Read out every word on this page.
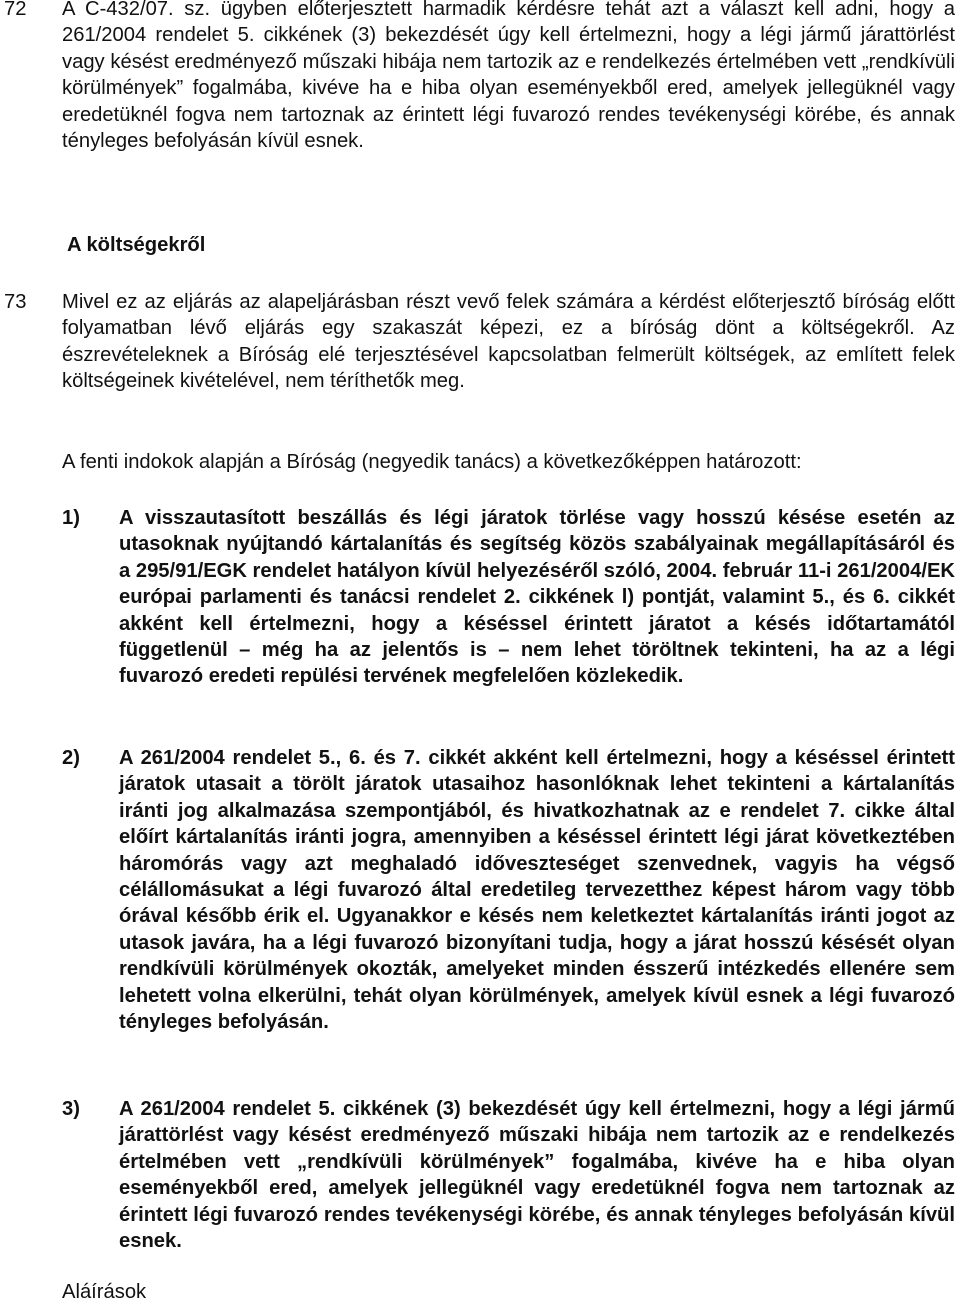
72 A C-432/07. sz. ügyben előterjesztett harmadik kérdésre tehát azt a választ kell adni, hogy a 261/2004 rendelet 5. cikkének (3) bekezdését úgy kell értelmezni, hogy a légi jármű járattörlést vagy késést eredményező műszaki hibája nem tartozik az e rendelkezés értelmében vett „rendkívüli körülmények” fogalmába, kivéve ha e hiba olyan eseményekből ered, amelyek jellegüknél vagy eredetüknél fogva nem tartoznak az érintett légi fuvarozó rendes tevékenységi körébe, és annak tényleges befolyásán kívül esnek.

A költségekről
73 Mivel ez az eljárás az alapeljárásban részt vevő felek számára a kérdést előterjesztő bíróság előtt folyamatban lévő eljárás egy szakaszát képezi, ez a bíróság dönt a költségekről. Az észrevételeknek a Bíróság elé terjesztésével kapcsolatban felmerült költségek, az említett felek költségeinek kivételével, nem téríthetők meg.

A fenti indokok alapján a Bíróság (negyedik tanács) a következőképpen határozott:

1) A visszautasított beszállás és légi járatok törlése vagy hosszú késése esetén az utasoknak nyújtandó kártalanítás és segítség közös szabályainak megállapításáról és a 295/91/EGK rendelet hatályon kívül helyezéséről szóló, 2004. február 11-i 261/2004/EK európai parlamenti és tanácsi rendelet 2. cikkének l) pontját, valamint 5., és 6. cikkét akként kell értelmezni, hogy a késéssel érintett járatot a késés időtartamától függetlenül – még ha az jelentős is – nem lehet töröltnek tekinteni, ha az a légi fuvarozó eredeti repülési tervének megfelelően közlekedik.

2) A 261/2004 rendelet 5., 6. és 7. cikkét akként kell értelmezni, hogy a késéssel érintett járatok utasait a törölt járatok utasaihoz hasonlóknak lehet tekinteni a kártalanítás iránti jog alkalmazása szempontjából, és hivatkozhatnak az e rendelet 7. cikke által előírt kártalanítás iránti jogra, amennyiben a késéssel érintett légi járat következtében háromórás vagy azt meghaladó időveszteséget szenvednek, vagyis ha végső célállomásukat a légi fuvarozó által eredetileg tervezetthez képest három vagy több órával később érik el. Ugyanakkor e késés nem keletkeztet kártalanítás iránti jogot az utasok javára, ha a légi fuvarozó bizonyítani tudja, hogy a járat hosszú késését olyan rendkívüli körülmények okozták, amelyeket minden ésszerű intézkedés ellenére sem lehetett volna elkerülni, tehát olyan körülmények, amelyek kívül esnek a légi fuvarozó tényleges befolyásán.

3) A 261/2004 rendelet 5. cikkének (3) bekezdését úgy kell értelmezni, hogy a légi jármű járattörlést vagy késést eredményező műszaki hibája nem tartozik az e rendelkezés értelmében vett „rendkívüli körülmények” fogalmába, kivéve ha e hiba olyan eseményekből ered, amelyek jellegüknél vagy eredetüknél fogva nem tartoznak az érintett légi fuvarozó rendes tevékenységi körébe, és annak tényleges befolyásán kívül esnek.

Aláírások
